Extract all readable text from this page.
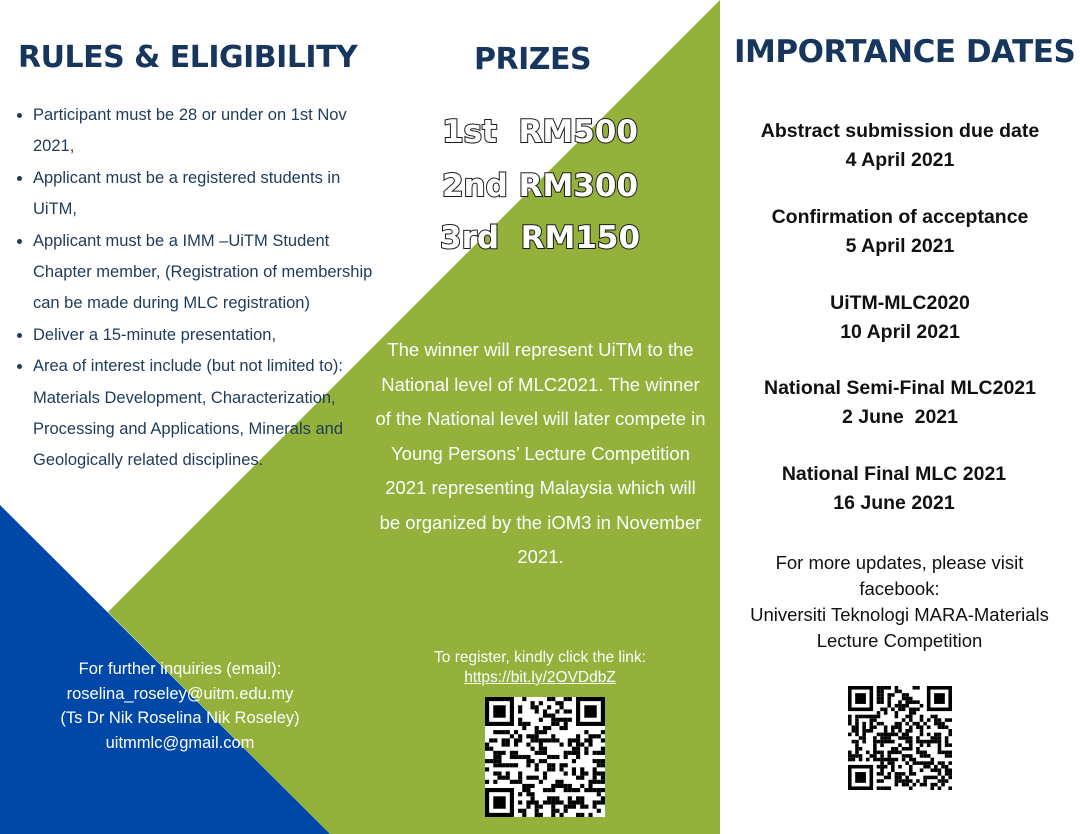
RULES & ELIGIBILITY
• Participant must be 28 or under on 1st Nov 2021,
• Applicant must be a registered students in UiTM,
• Applicant must be a IMM –UiTM Student Chapter member, (Registration of membership can be made during MLC registration)
• Deliver a 15-minute presentation,
• Area of interest include (but not limited to): Materials Development, Characterization, Processing and Applications, Minerals and Geologically related disciplines.
PRIZES
1st  RM500
2nd RM300
3rd  RM150

The winner will represent UiTM to the National level of MLC2021. The winner of the National level will later compete in Young Persons’ Lecture Competition 2021 representing Malaysia which will be organized by the iOM3 in November 2021.

To register, kindly click the link:
https://bit.ly/2OVDdbZ
For further inquiries (email):
roselina_roseley@uitm.edu.my
(Ts Dr Nik Roselina Nik Roseley)
uitmmlc@gmail.com
IMPORTANCE DATES
Abstract submission due date
4 April 2021
Confirmation of acceptance
5 April 2021
UiTM-MLC2020
10 April 2021
National Semi-Final MLC2021
2 June  2021
National Final MLC 2021
16 June 2021
For more updates, please visit facebook:
Universiti Teknologi MARA-Materials Lecture Competition
